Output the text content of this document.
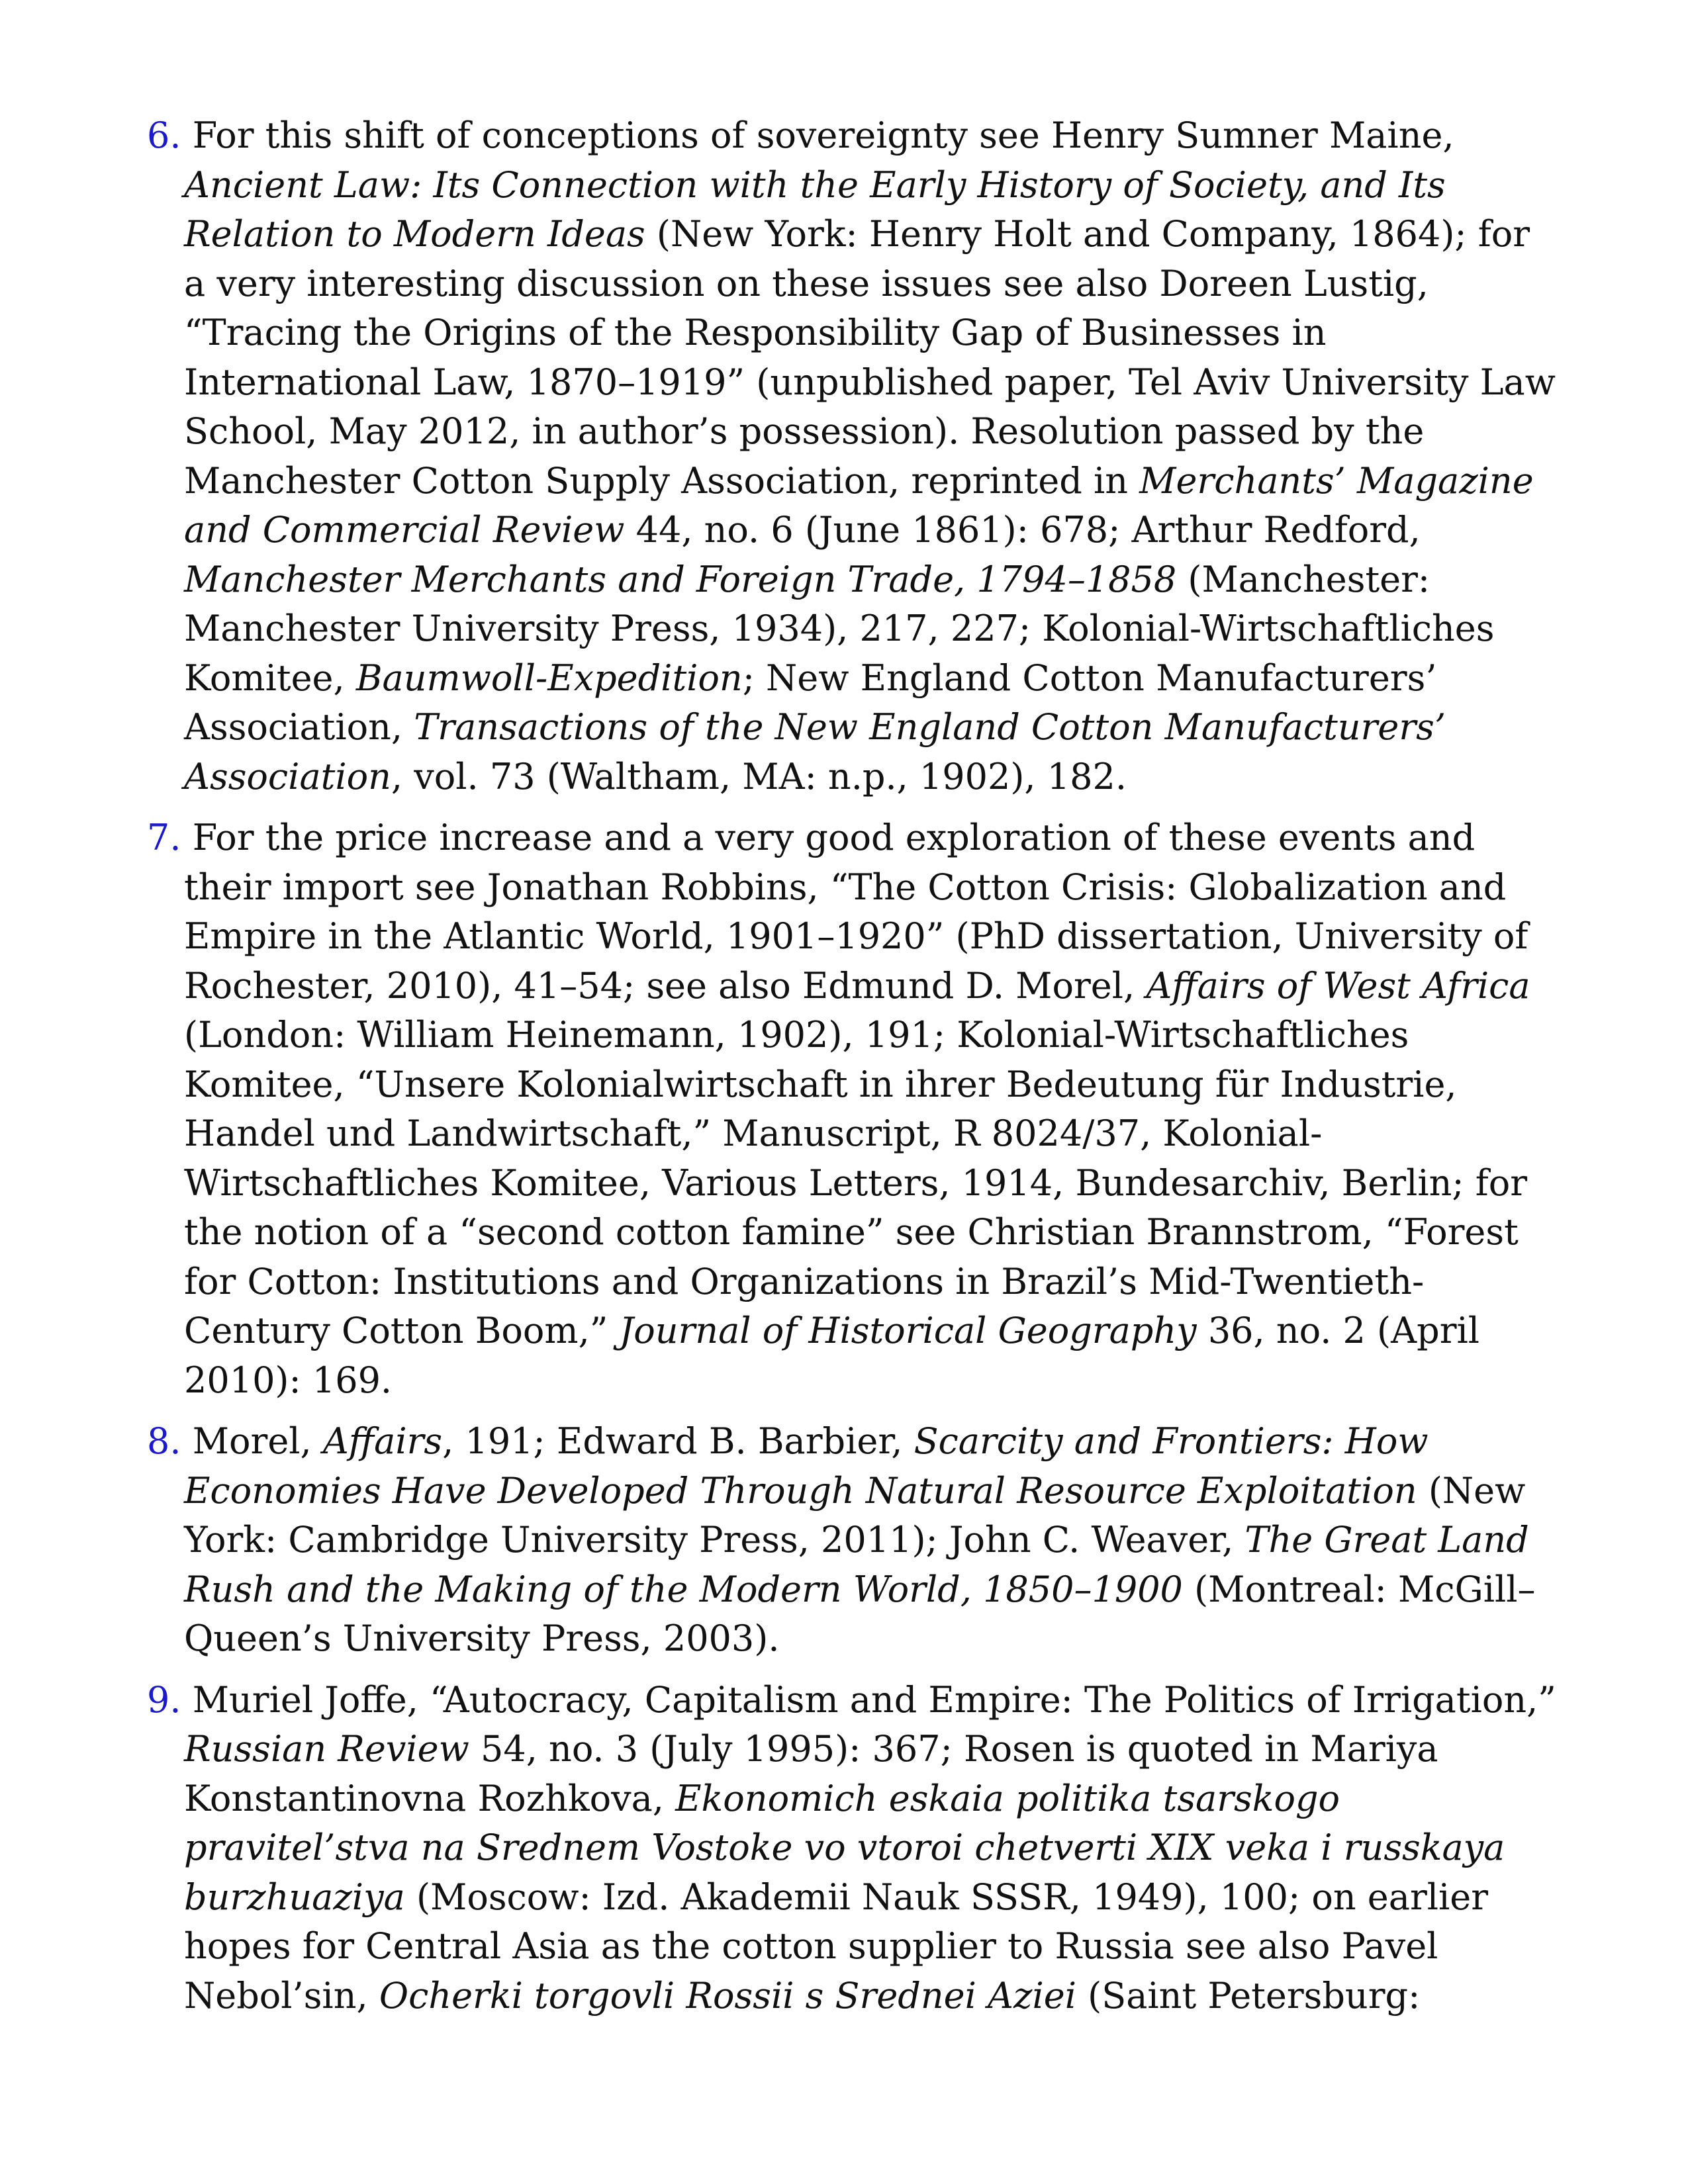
6. For this shift of conceptions of sovereignty see Henry Sumner Maine, Ancient Law: Its Connection with the Early History of Society, and Its Relation to Modern Ideas (New York: Henry Holt and Company, 1864); for a very interesting discussion on these issues see also Doreen Lustig, “Tracing the Origins of the Responsibility Gap of Businesses in International Law, 1870–1919” (unpublished paper, Tel Aviv University Law School, May 2012, in author’s possession). Resolution passed by the Manchester Cotton Supply Association, reprinted in Merchants’ Magazine and Commercial Review 44, no. 6 (June 1861): 678; Arthur Redford, Manchester Merchants and Foreign Trade, 1794–1858 (Manchester: Manchester University Press, 1934), 217, 227; Kolonial-Wirtschaftliches Komitee, Baumwoll-Expedition; New England Cotton Manufacturers’ Association, Transactions of the New England Cotton Manufacturers’ Association, vol. 73 (Waltham, MA: n.p., 1902), 182.

7. For the price increase and a very good exploration of these events and their import see Jonathan Robbins, “The Cotton Crisis: Globalization and Empire in the Atlantic World, 1901–1920” (PhD dissertation, University of Rochester, 2010), 41–54; see also Edmund D. Morel, Affairs of West Africa (London: William Heinemann, 1902), 191; Kolonial-Wirtschaftliches Komitee, “Unsere Kolonialwirtschaft in ihrer Bedeutung für Industrie, Handel und Landwirtschaft,” Manuscript, R 8024/37, Kolonial-Wirtschaftliches Komitee, Various Letters, 1914, Bundesarchiv, Berlin; for the notion of a “second cotton famine” see Christian Brannstrom, “Forest for Cotton: Institutions and Organizations in Brazil’s Mid-Twentieth-Century Cotton Boom,” Journal of Historical Geography 36, no. 2 (April 2010): 169.

8. Morel, Affairs, 191; Edward B. Barbier, Scarcity and Frontiers: How Economies Have Developed Through Natural Resource Exploitation (New York: Cambridge University Press, 2011); John C. Weaver, The Great Land Rush and the Making of the Modern World, 1850–1900 (Montreal: McGill–Queen’s University Press, 2003).

9. Muriel Joffe, “Autocracy, Capitalism and Empire: The Politics of Irrigation,” Russian Review 54, no. 3 (July 1995): 367; Rosen is quoted in Mariya Konstantinovna Rozhkova, Ekonomich eskaia politika tsarskogo pravitel’stva na Srednem Vostoke vo vtoroi chetverti XIX veka i russkaya burzhuaziya (Moscow: Izd. Akademii Nauk SSSR, 1949), 100; on earlier hopes for Central Asia as the cotton supplier to Russia see also Pavel Nebol’sin, Ocherki torgovli Rossii s Srednei Aziei (Saint Petersburg:
